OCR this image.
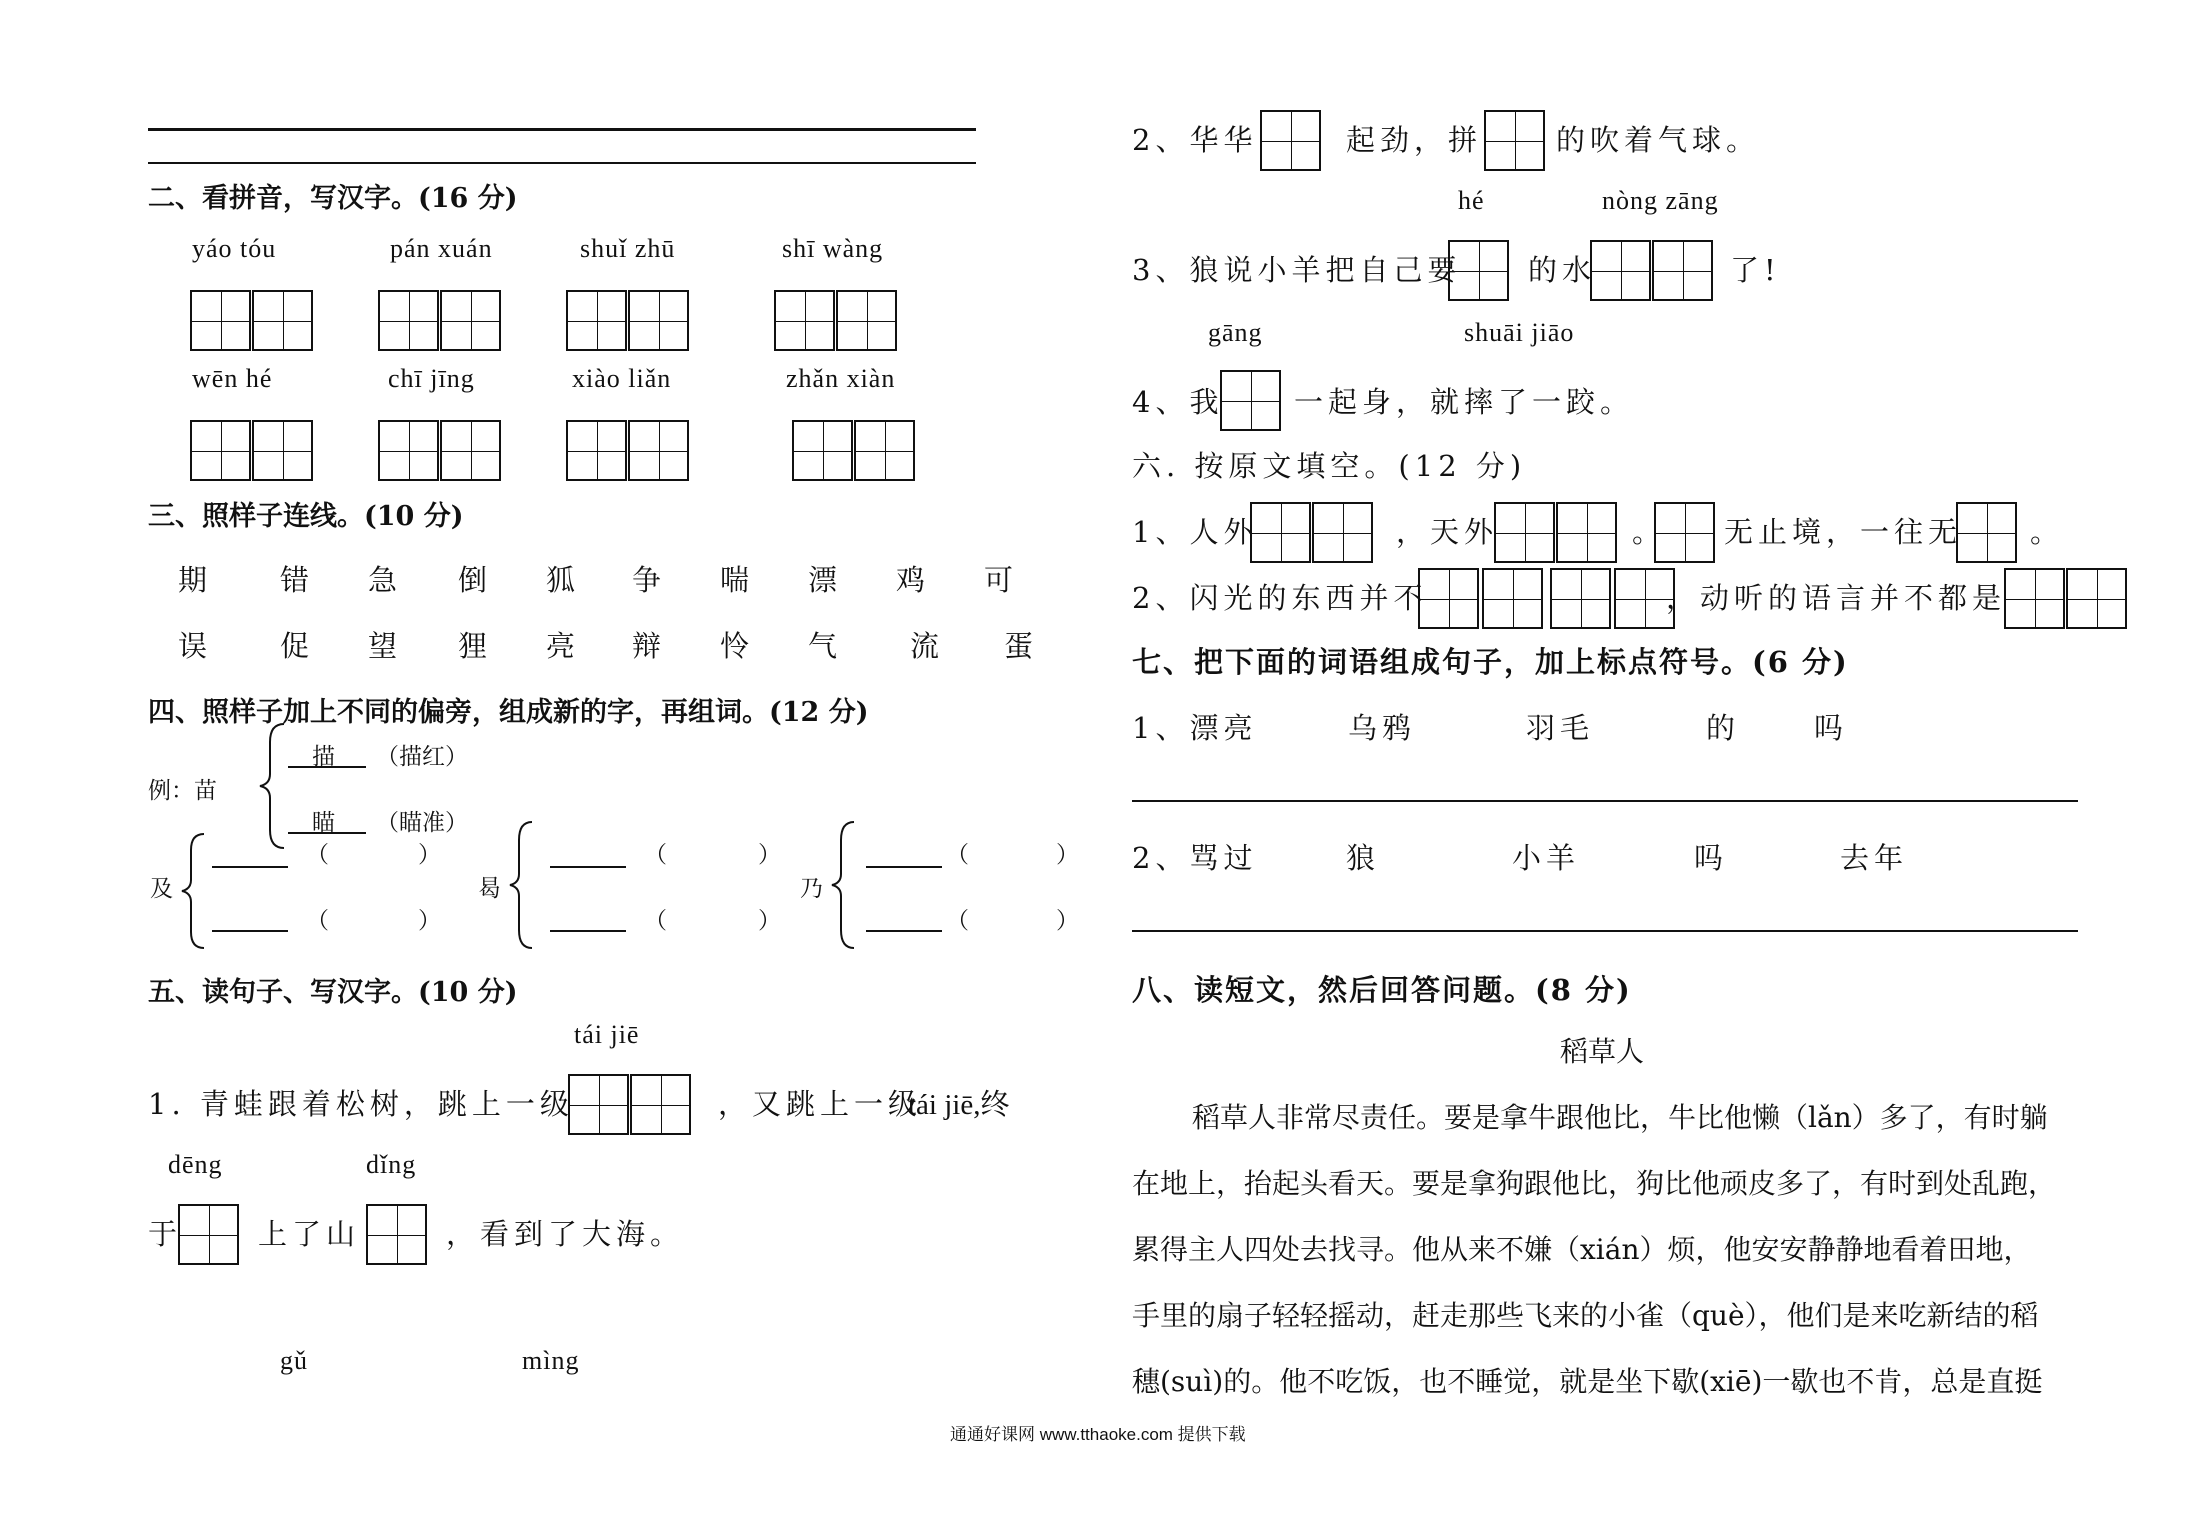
二、看拼音，写汉字。(16 分)
yáo tóu	pán xuán	shuǐ zhū	shī wàng
wēn hé	chī jīng	xiào liǎn	zhǎn xiàn
三、照样子连线。(10 分)
期	错 急 倒 狐 争 喘 漂 鸡 可
误	促 望 狸 亮 辩 怜 气	流 蛋
四、照样子加上不同的偏旁，组成新的字，再组词。(12 分)
例：苗
描 （描红）
瞄 （瞄准）
及
（	）
（	）
曷
（	）
（	）
乃
（	）
（	）
五、读句子、写汉字。(10 分)
tái jiē
1. 青蛙跟着松树，跳上一级	，又跳上一级
tái jiē,终
dēng	dǐng
于	上了山	，看到了大海。
gǔ	mìng
2、华华	起劲，拼	的吹着气球。
hé	nòng zāng
3、狼说小羊把自己要 的水	了!
gāng	shuāi jiāo
4、我 一起身，就摔了一跤。
六. 按原文填空。(12 分)
1、人外	，天外	。 无止境，一往无 。
2、闪光的东西并不	，动听的语言并不都是
七、把下面的词语组成句子，加上标点符号。(6 分)
1、漂亮	乌鸦	羽毛	的	吗
2、骂过	狼	小羊	吗	去年
八、读短文，然后回答问题。(8 分)
稻草人
稻草人非常尽责任。要是拿牛跟他比，牛比他懒（lǎn）多了，有时躺
在地上，抬起头看天。要是拿狗跟他比，狗比他顽皮多了，有时到处乱跑，
累得主人四处去找寻。他从来不嫌（xián）烦，他安安静静地看着田地，
手里的扇子轻轻摇动，赶走那些飞来的小雀（què），他们是来吃新结的稻
穗(suì)的。他不吃饭，也不睡觉，就是坐下歇(xiē)一歇也不肯，总是直挺
通通好课网 www.tthaoke.com 提供下载
